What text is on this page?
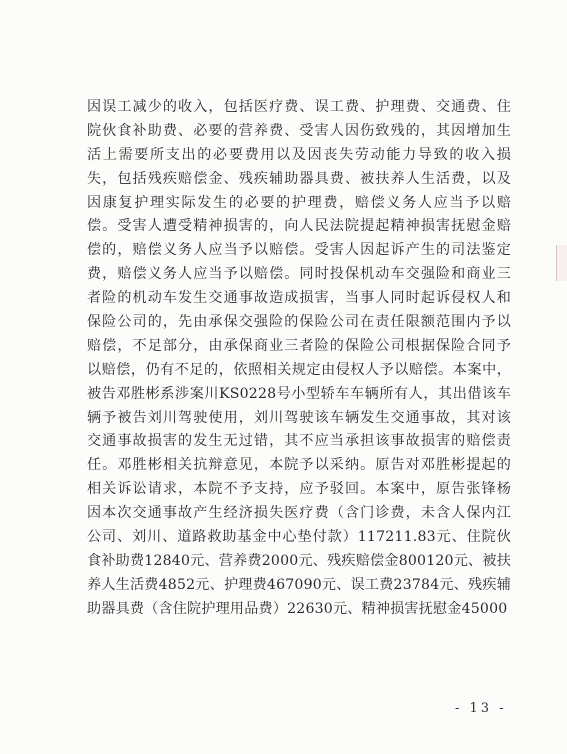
因误工减少的收入，包括医疗费、误工费、护理费、交通费、住
院伙食补助费、必要的营养费、受害人因伤致残的，其因增加生
活上需要所支出的必要费用以及因丧失劳动能力导致的收入损
失，包括残疾赔偿金、残疾辅助器具费、被扶养人生活费，以及
因康复护理实际发生的必要的护理费，赔偿义务人应当予以赔
偿。受害人遭受精神损害的，向人民法院提起精神损害抚慰金赔
偿的，赔偿义务人应当予以赔偿。受害人因起诉产生的司法鉴定
费，赔偿义务人应当予以赔偿。同时投保机动车交强险和商业三
者险的机动车发生交通事故造成损害，当事人同时起诉侵权人和
保险公司的，先由承保交强险的保险公司在责任限额范围内予以
赔偿，不足部分，由承保商业三者险的保险公司根据保险合同予
以赔偿，仍有不足的，依照相关规定由侵权人予以赔偿。本案中，
被告邓胜彬系涉案川KS0228号小型轿车车辆所有人，其出借该车
辆予被告刘川驾驶使用，刘川驾驶该车辆发生交通事故，其对该
交通事故损害的发生无过错，其不应当承担该事故损害的赔偿责
任。邓胜彬相关抗辩意见，本院予以采纳。原告对邓胜彬提起的
相关诉讼请求，本院不予支持，应予驳回。本案中，原告张锋杨
因本次交通事故产生经济损失医疗费（含门诊费，未含人保内江
公司、刘川、道路救助基金中心垫付款）117211.83元、住院伙
食补助费12840元、营养费2000元、残疾赔偿金800120元、被扶
养人生活费4852元、护理费467090元、误工费23784元、残疾辅
助器具费（含住院护理用品费）22630元、精神损害抚慰金45000
- 13 -
